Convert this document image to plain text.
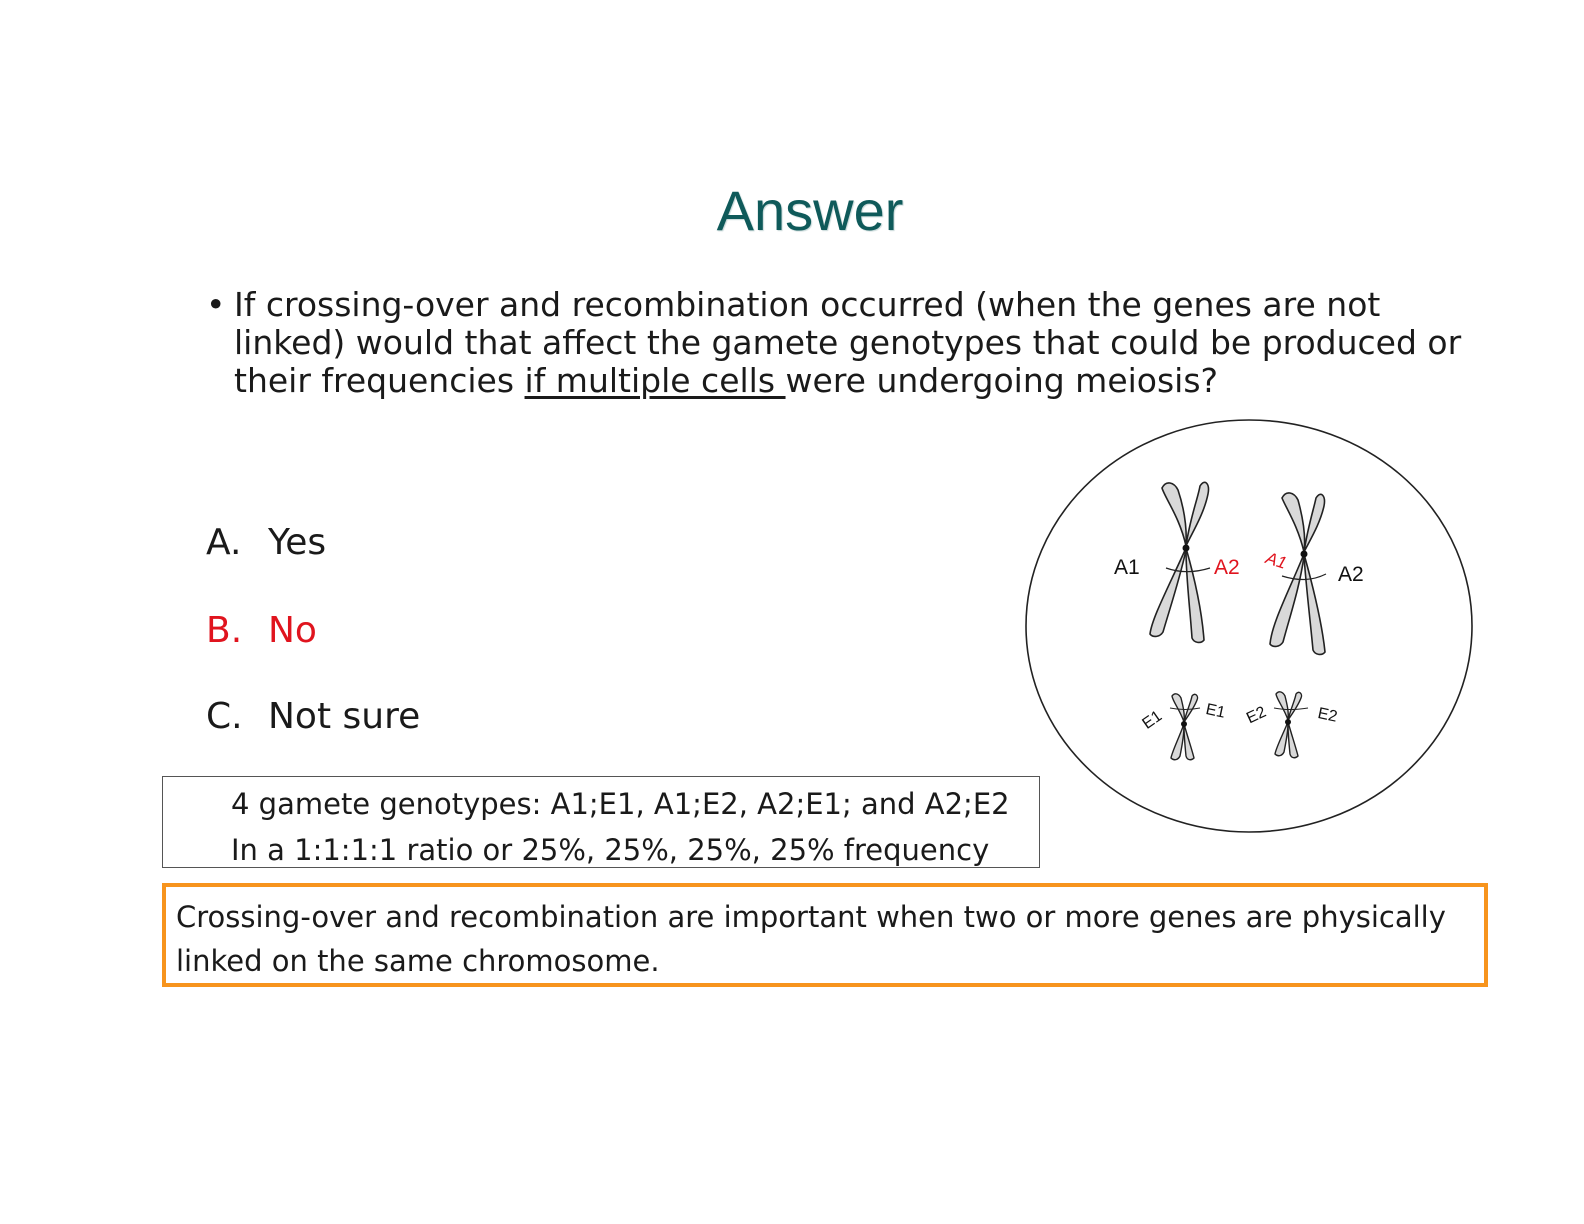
Answer
• If crossing-over and recombination occurred (when the genes are not linked) would that affect the gamete genotypes that could be produced or their frequencies if multiple cells were undergoing meiosis?
A. Yes
B. No
C. Not sure
4 gamete genotypes: A1;E1, A1;E2, A2;E1; and A2;E2
In a 1:1:1:1 ratio or 25%, 25%, 25%, 25% frequency
Crossing-over and recombination are important when two or more genes are physically
linked on the same chromosome.
A1	A2 A1
A2
E1 E1 E2	E2
